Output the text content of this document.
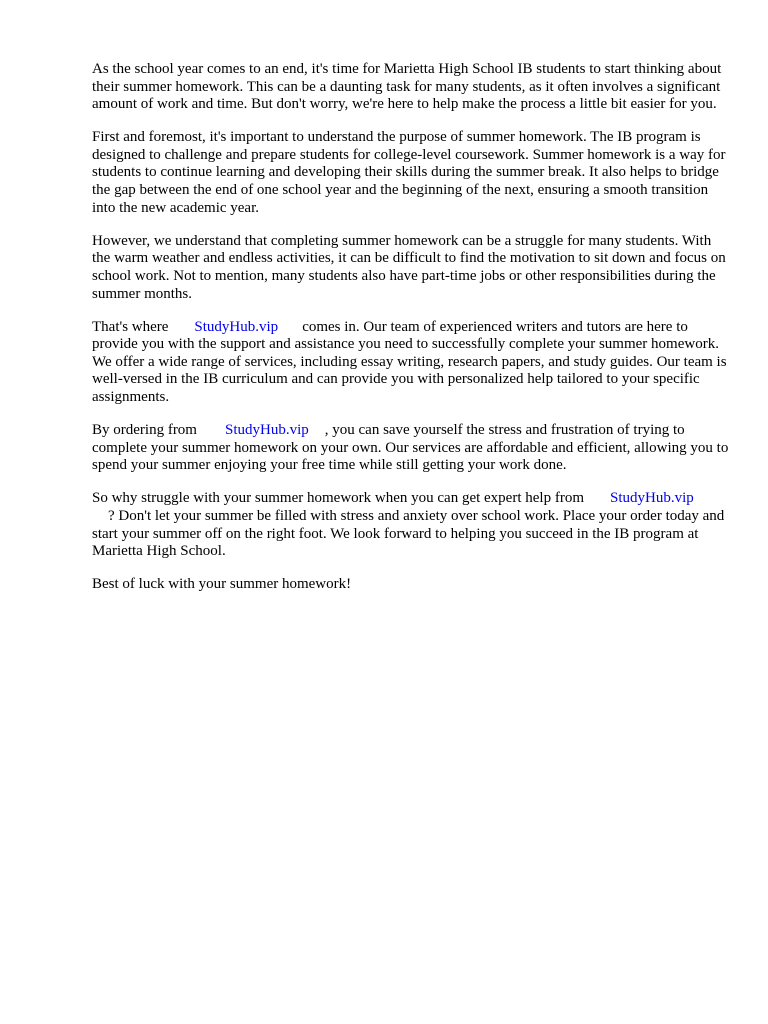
As the school year comes to an end, it's time for Marietta High School IB students to start thinking about their summer homework. This can be a daunting task for many students, as it often involves a significant amount of work and time. But don't worry, we're here to help make the process a little bit easier for you.

First and foremost, it's important to understand the purpose of summer homework. The IB program is designed to challenge and prepare students for college-level coursework. Summer homework is a way for students to continue learning and developing their skills during the summer break. It also helps to bridge the gap between the end of one school year and the beginning of the next, ensuring a smooth transition into the new academic year.

However, we understand that completing summer homework can be a struggle for many students. With the warm weather and endless activities, it can be difficult to find the motivation to sit down and focus on school work. Not to mention, many students also have part-time jobs or other responsibilities during the summer months.

That's where StudyHub.vip comes in. Our team of experienced writers and tutors are here to provide you with the support and assistance you need to successfully complete your summer homework. We offer a wide range of services, including essay writing, research papers, and study guides. Our team is well-versed in the IB curriculum and can provide you with personalized help tailored to your specific assignments.

By ordering from StudyHub.vip , you can save yourself the stress and frustration of trying to complete your summer homework on your own. Our services are affordable and efficient, allowing you to spend your summer enjoying your free time while still getting your work done.

So why struggle with your summer homework when you can get expert help from StudyHub.vip
? Don't let your summer be filled with stress and anxiety over school work. Place your order today and start your summer off on the right foot. We look forward to helping you succeed in the IB program at Marietta High School.

Best of luck with your summer homework!
